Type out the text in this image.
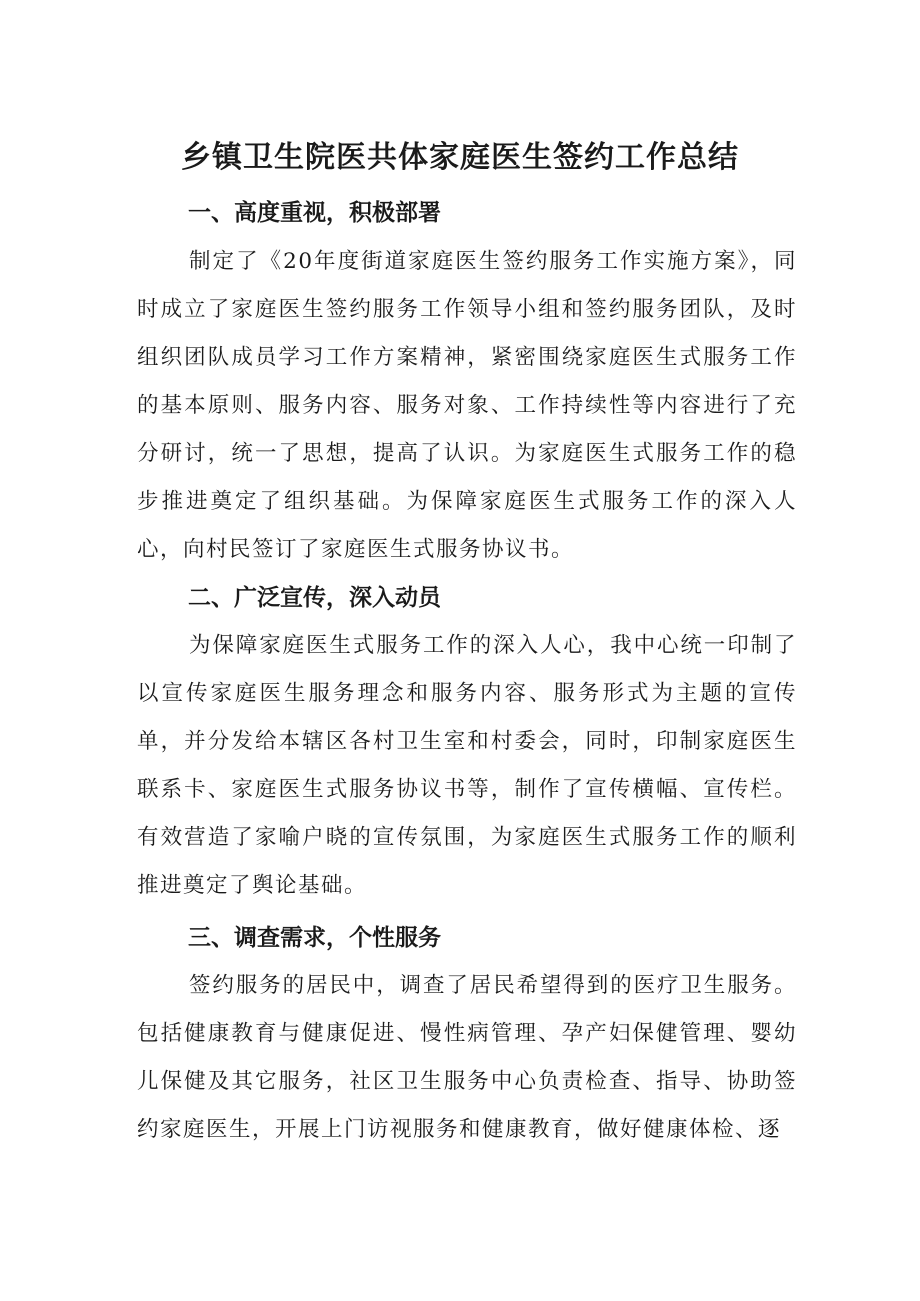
乡镇卫生院医共体家庭医生签约工作总结
一、高度重视，积极部署

制定了《20年度街道家庭医生签约服务工作实施方案》，同时成立了家庭医生签约服务工作领导小组和签约服务团队，及时组织团队成员学习工作方案精神，紧密围绕家庭医生式服务工作的基本原则、服务内容、服务对象、工作持续性等内容进行了充分研讨，统一了思想，提高了认识。为家庭医生式服务工作的稳步推进奠定了组织基础。为保障家庭医生式服务工作的深入人心，向村民签订了家庭医生式服务协议书。

二、广泛宣传，深入动员

为保障家庭医生式服务工作的深入人心，我中心统一印制了以宣传家庭医生服务理念和服务内容、服务形式为主题的宣传单，并分发给本辖区各村卫生室和村委会，同时，印制家庭医生联系卡、家庭医生式服务协议书等，制作了宣传横幅、宣传栏。有效营造了家喻户晓的宣传氛围，为家庭医生式服务工作的顺利推进奠定了舆论基础。

三、调查需求，个性服务

签约服务的居民中，调查了居民希望得到的医疗卫生服务。包括健康教育与健康促进、慢性病管理、孕产妇保健管理、婴幼儿保健及其它服务，社区卫生服务中心负责检查、指导、协助签约家庭医生，开展上门访视服务和健康教育，做好健康体检、逐
